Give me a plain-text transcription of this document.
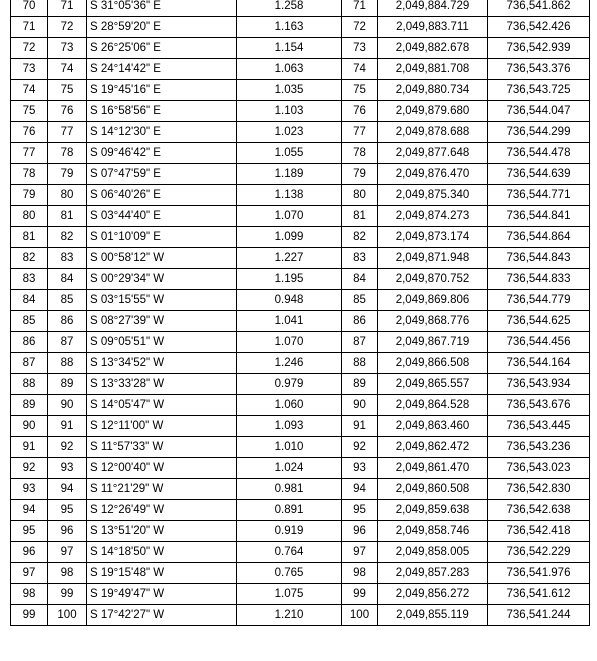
70	71	S 31°05'36" E	1.258	71	2,049,884.729	736,541.862
71	72	S 28°59'20" E	1.163	72	2,049,883.711	736,542.426
72	73	S 26°25'06" E	1.154	73	2,049,882.678	736,542.939
73	74	S 24°14'42" E	1.063	74	2,049,881.708	736,543.376
74	75	S 19°45'16" E	1.035	75	2,049,880.734	736,543.725
75	76	S 16°58'56" E	1.103	76	2,049,879.680	736,544.047
76	77	S 14°12'30" E	1.023	77	2,049,878.688	736,544.299
77	78	S 09°46'42" E	1.055	78	2,049,877.648	736,544.478
78	79	S 07°47'59" E	1.189	79	2,049,876.470	736,544.639
79	80	S 06°40'26" E	1.138	80	2,049,875.340	736,544.771
80	81	S 03°44'40" E	1.070	81	2,049,874.273	736,544.841
81	82	S 01°10'09" E	1.099	82	2,049,873.174	736,544.864
82	83	S 00°58'12" W	1.227	83	2,049,871.948	736,544.843
83	84	S 00°29'34" W	1.195	84	2,049,870.752	736,544.833
84	85	S 03°15'55" W	0.948	85	2,049,869.806	736,544.779
85	86	S 08°27'39" W	1.041	86	2,049,868.776	736,544.625
86	87	S 09°05'51" W	1.070	87	2,049,867.719	736,544.456
87	88	S 13°34'52" W	1.246	88	2,049,866.508	736,544.164
88	89	S 13°33'28" W	0.979	89	2,049,865.557	736,543.934
89	90	S 14°05'47" W	1.060	90	2,049,864.528	736,543.676
90	91	S 12°11'00" W	1.093	91	2,049,863.460	736,543.445
91	92	S 11°57'33" W	1.010	92	2,049,862.472	736,543.236
92	93	S 12°00'40" W	1.024	93	2,049,861.470	736,543.023
93	94	S 11°21'29" W	0.981	94	2,049,860.508	736,542.830
94	95	S 12°26'49" W	0.891	95	2,049,859.638	736,542.638
95	96	S 13°51'20" W	0.919	96	2,049,858.746	736,542.418
96	97	S 14°18'50" W	0.764	97	2,049,858.005	736,542.229
97	98	S 19°15'48" W	0.765	98	2,049,857.283	736,541.976
98	99	S 19°49'47" W	1.075	99	2,049,856.272	736,541.612
99	100	S 17°42'27" W	1.210	100	2,049,855.119	736,541.244
